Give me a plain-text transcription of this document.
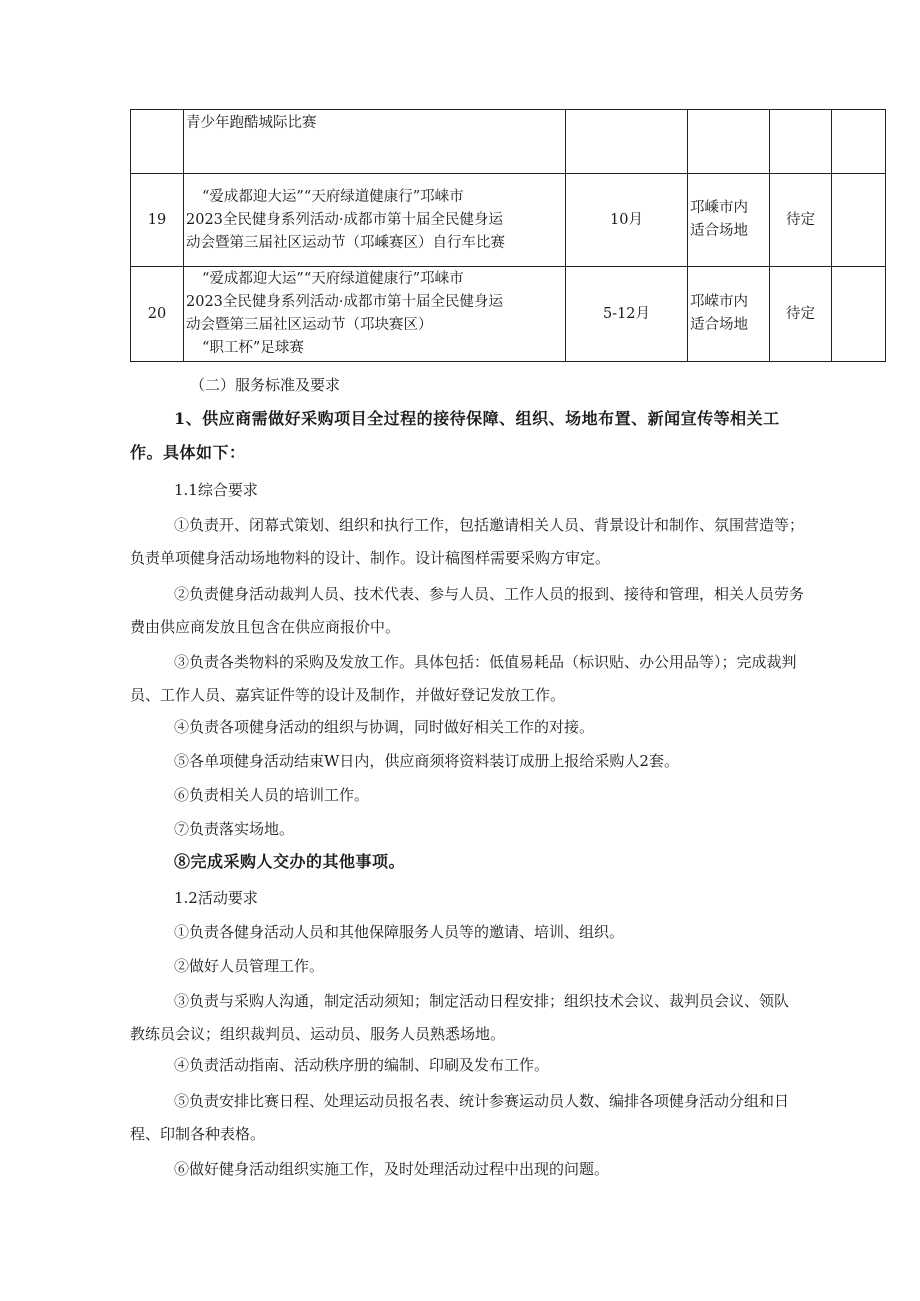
	青少年跑酷城际比赛				

19	“爱成都迎大运”“天府绿道健康行”邛崃市
2023全民健身系列活动·成都市第十届全民健身运
动会暨第三届社区运动节（邛嵊赛区）自行车比赛	10月	邛嵊市内
适合场地	待定	
20	“爱成都迎大运”“天府绿道健康行”邛崃市
2023全民健身系列活动·成都市第十届全民健身运
动会暨第三届社区运动节（邛块赛区）
“职工杯”足球赛	5-12月	邛嵘市内
适合场地	待定	
（二）服务标准及要求
1、供应商需做好采购项目全过程的接待保障、组织、场地布置、新闻宣传等相关工
作。具体如下：
1.1综合要求
①负责开、闭幕式策划、组织和执行工作，包括邀请相关人员、背景设计和制作、氛围营造等；
负责单项健身活动场地物料的设计、制作。设计稿图样需要采购方审定。
②负责健身活动裁判人员、技术代表、参与人员、工作人员的报到、接待和管理，相关人员劳务
费由供应商发放且包含在供应商报价中。
③负责各类物料的采购及发放工作。具体包括：低值易耗品（标识贴、办公用品等）；完成裁判
员、工作人员、嘉宾证件等的设计及制作，并做好登记发放工作。
④负责各项健身活动的组织与协调，同时做好相关工作的对接。
⑤各单项健身活动结束W日内，供应商须将资料装订成册上报给采购人2套。
⑥负责相关人员的培训工作。
⑦负责落实场地。
⑧完成采购人交办的其他事项。
1.2活动要求
①负责各健身活动人员和其他保障服务人员等的邀请、培训、组织。
②做好人员管理工作。
③负责与采购人沟通，制定活动须知；制定活动日程安排；组织技术会议、裁判员会议、领队
教练员会议；组织裁判员、运动员、服务人员熟悉场地。
④负责活动指南、活动秩序册的编制、印刷及发布工作。
⑤负责安排比赛日程、处理运动员报名表、统计参赛运动员人数、编排各项健身活动分组和日
程、印制各种表格。
⑥做好健身活动组织实施工作，及时处理活动过程中出现的问题。
